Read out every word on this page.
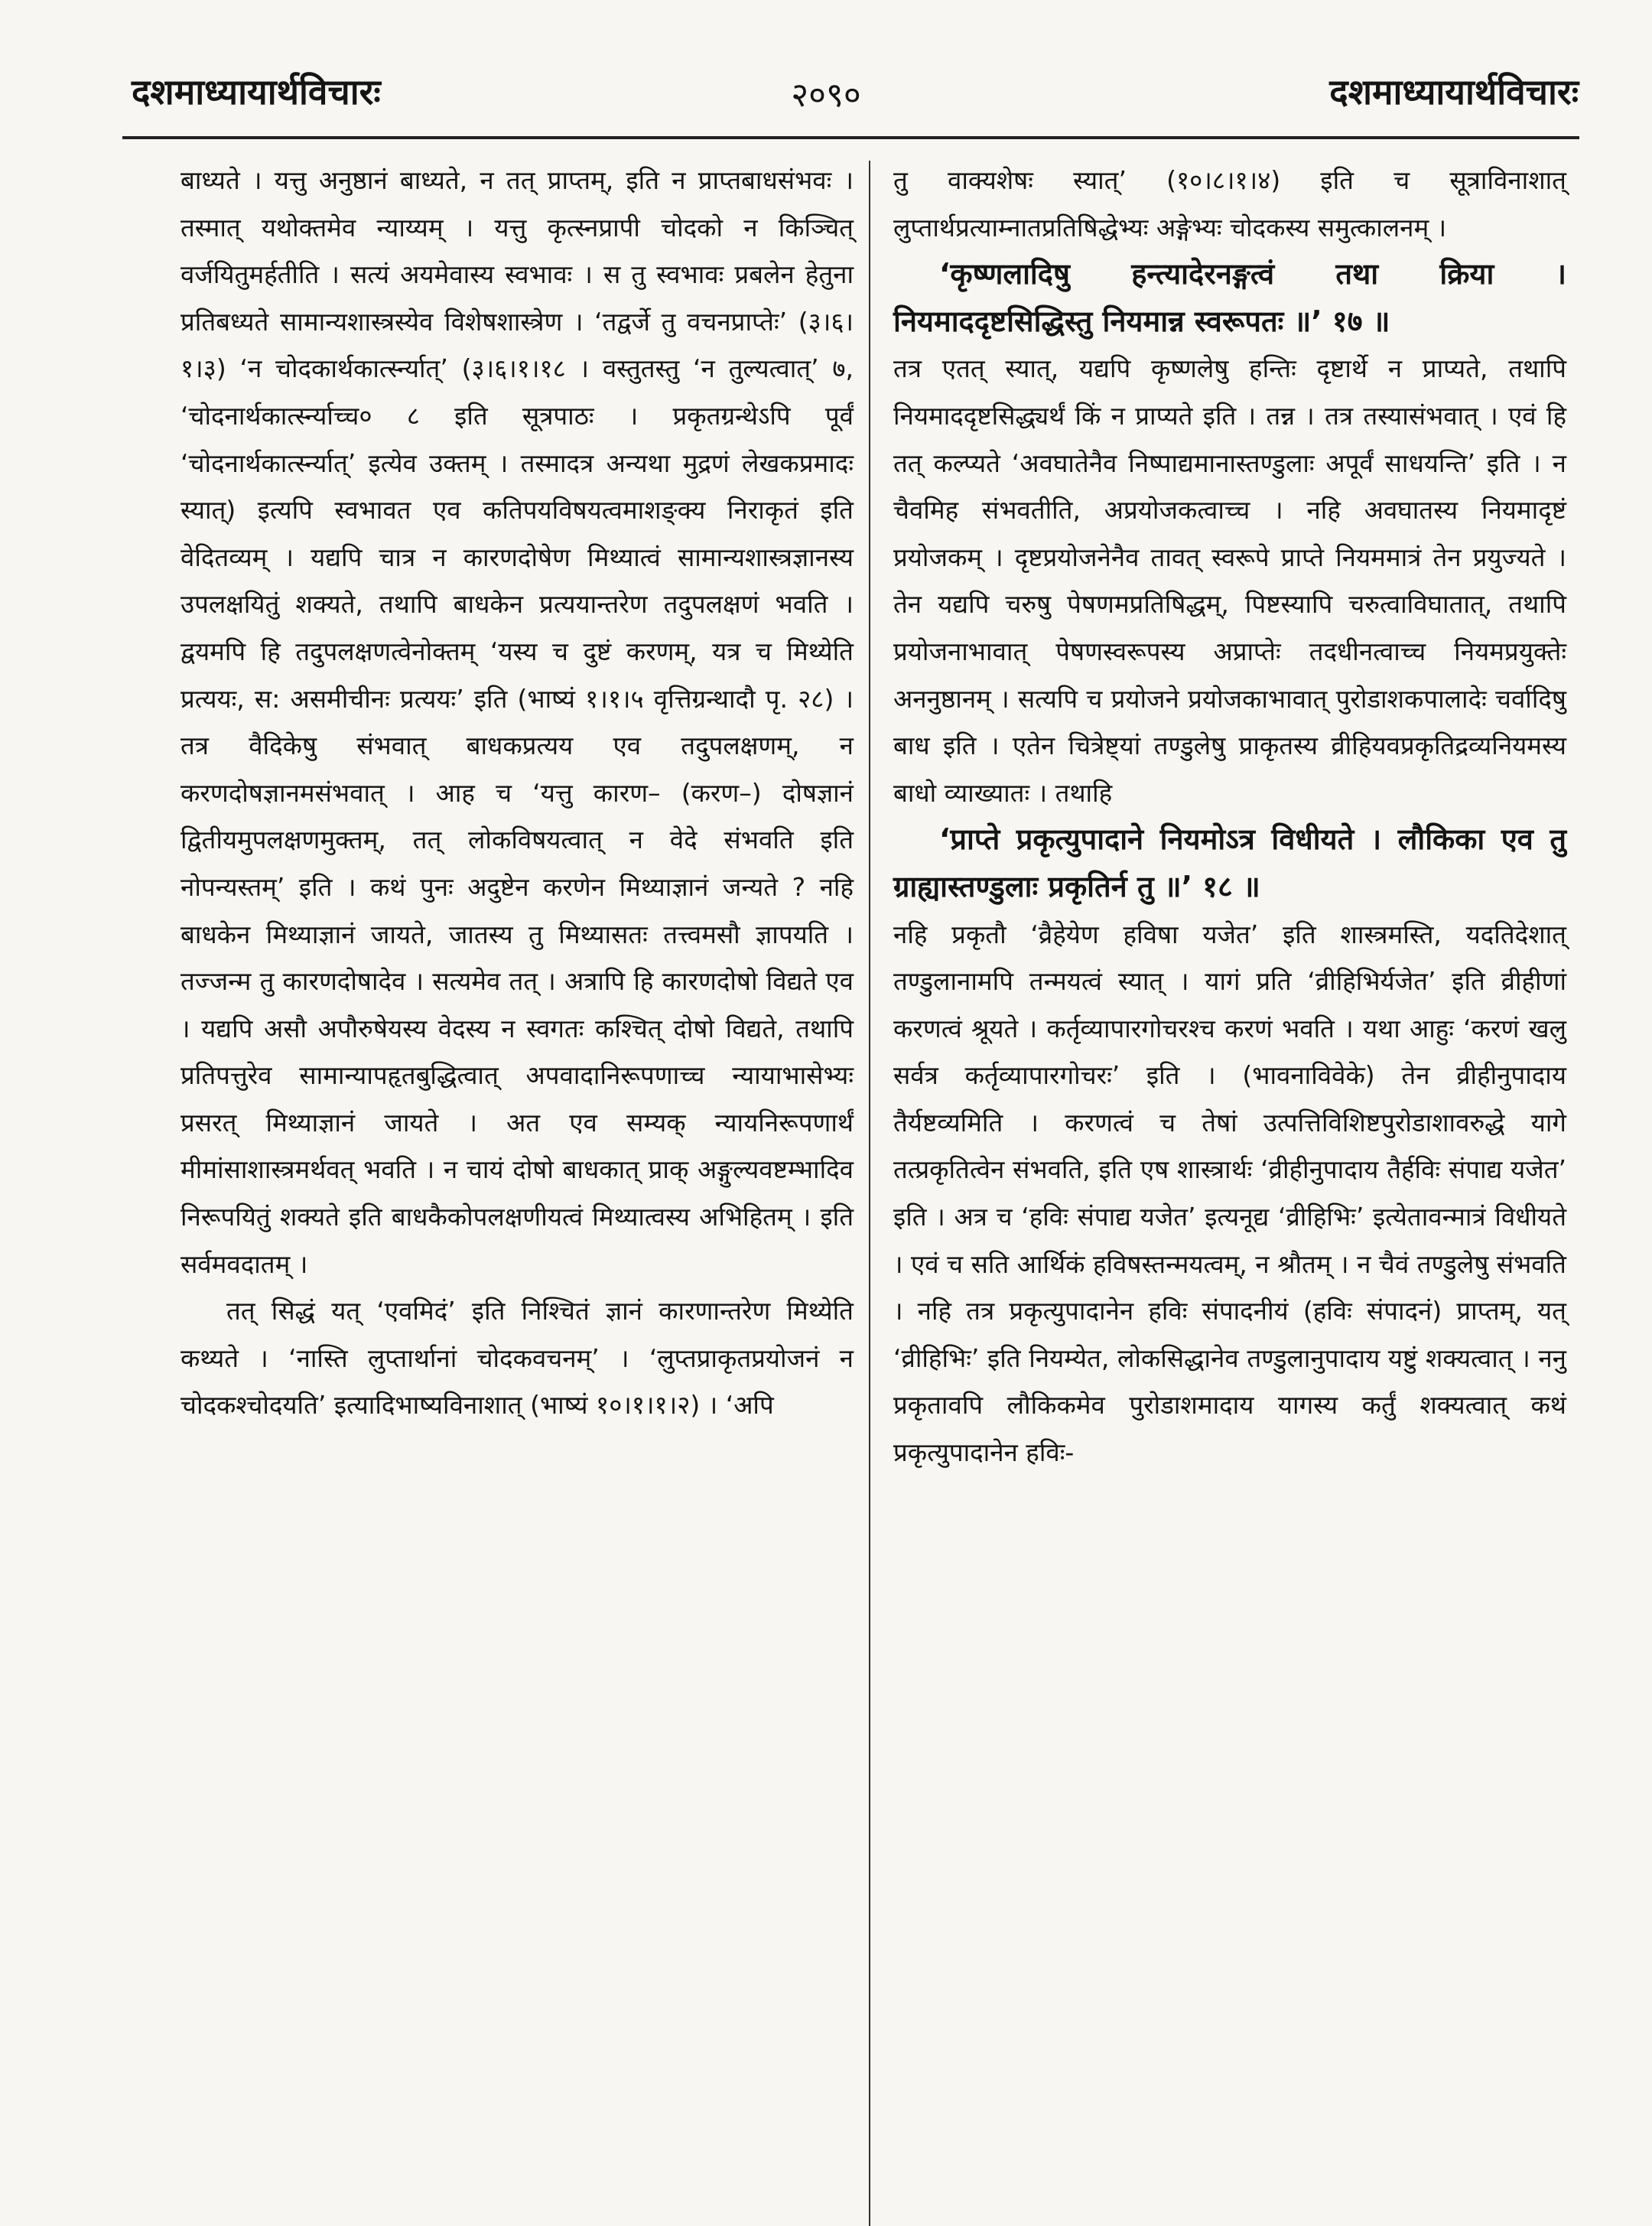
दशमाध्यायार्थविचारः	२०९०	दशमाध्यायार्थविचारः

बाध्यते । यत्तु अनुष्ठानं बाध्यते, न तत् प्राप्तम्, इति न प्राप्तबाधसंभवः । तस्मात् यथोक्तमेव न्याय्यम् । यत्तु कृत्स्नप्रापी चोदको न किञ्चित् वर्जयितुमर्हतीति । सत्यं अयमेवास्य स्वभावः । स तु स्वभावः प्रबलेन हेतुना प्रतिबध्यते सामान्यशास्त्रस्येव विशेषशास्त्रेण । ‘तद्वर्जे तु वचनप्राप्तेः’ (३।६।१।३) ‘न चोदकार्थकार्त्स्न्यात्’ (३।६।१।१८ । वस्तुतस्तु ‘न तुल्यत्वात्’ ७, ‘चोदनार्थकार्त्स्न्याच्च० ८ इति सूत्रपाठः । प्रकृतग्रन्थेऽपि पूर्वं ‘चोदनार्थकार्त्स्न्यात्’ इत्येव उक्तम् । तस्मादत्र अन्यथा मुद्रणं लेखकप्रमादः स्यात्) इत्यपि स्वभावत एव कतिपयविषयत्वमाशङ्क्य निराकृतं इति वेदितव्यम् । यद्यपि चात्र न कारणदोषेण मिथ्यात्वं सामान्यशास्त्रज्ञानस्य उपलक्षयितुं शक्यते, तथापि बाधकेन प्रत्ययान्तरेण तदुपलक्षणं भवति । द्वयमपि हि तदुपलक्षणत्वेनोक्तम् ‘यस्य च दुष्टं करणम्, यत्र च मिथ्येति प्रत्ययः, स: असमीचीनः प्रत्ययः’ इति (भाष्यं १।१।५ वृत्तिग्रन्थादौ पृ. २८) । तत्र वैदिकेषु संभवात् बाधकप्रत्यय एव तदुपलक्षणम्, न करणदोषज्ञानमसंभवात् । आह च ‘यत्तु कारण– (करण–) दोषज्ञानं द्वितीयमुपलक्षणमुक्तम्, तत् लोकविषयत्वात् न वेदे संभवति इति नोपन्यस्तम्’ इति । कथं पुनः अदुष्टेन करणेन मिथ्याज्ञानं जन्यते ? नहि बाधकेन मिथ्याज्ञानं जायते, जातस्य तु मिथ्यासतः तत्त्वमसौ ज्ञापयति । तज्जन्म तु कारणदोषादेव । सत्यमेव तत् । अत्रापि हि कारणदोषो विद्यते एव । यद्यपि असौ अपौरुषेयस्य वेदस्य न स्वगतः कश्चित् दोषो विद्यते, तथापि प्रतिपत्तुरेव सामान्यापहृतबुद्धित्वात् अपवादानिरूपणाच्च न्यायाभासेभ्यः प्रसरत् मिथ्याज्ञानं जायते । अत एव सम्यक् न्यायनिरूपणार्थं मीमांसाशास्त्रमर्थवत् भवति । न चायं दोषो बाधकात् प्राक् अङ्गुल्यवष्टम्भादिव निरूपयितुं शक्यते इति बाधकैकोपलक्षणीयत्वं मिथ्यात्वस्य अभिहितम् । इति सर्वमवदातम् ।

तत् सिद्धं यत् ‘एवमिदं’ इति निश्चितं ज्ञानं कारणान्तरेण मिथ्येति कथ्यते । ‘नास्ति लुप्तार्थानां चोदकवचनम्’ । ‘लुप्तप्राकृतप्रयोजनं न चोदकश्चोदयति’ इत्यादिभाष्यविनाशात् (भाष्यं १०।१।१।२) । ‘अपि

तु वाक्यशेषः स्यात्’ (१०।८।१।४) इति च सूत्राविनाशात् लुप्तार्थप्रत्याम्नातप्रतिषिद्धेभ्यः अङ्गेभ्यः चोदकस्य समुत्कालनम् ।

‘कृष्णलादिषु हन्त्यादेरनङ्गत्वं तथा क्रिया । नियमाददृष्टसिद्धिस्तु नियमान्न स्वरूपतः ॥’ १७ ॥

तत्र एतत् स्यात्, यद्यपि कृष्णलेषु हन्तिः दृष्टार्थे न प्राप्यते, तथापि नियमाददृष्टसिद्ध्यर्थं किं न प्राप्यते इति । तन्न । तत्र तस्यासंभवात् । एवं हि तत् कल्प्यते ‘अवघातेनैव निष्पाद्यमानास्तण्डुलाः अपूर्वं साधयन्ति’ इति । न चैवमिह संभवतीति, अप्रयोजकत्वाच्च । नहि अवघातस्य नियमादृष्टं प्रयोजकम् । दृष्टप्रयोजनेनैव तावत् स्वरूपे प्राप्ते नियममात्रं तेन प्रयुज्यते । तेन यद्यपि चरुषु पेषणमप्रतिषिद्धम्, पिष्टस्यापि चरुत्वाविघातात्, तथापि प्रयोजनाभावात् पेषणस्वरूपस्य अप्राप्तेः तदधीनत्वाच्च नियमप्रयुक्तेः अननुष्ठानम् । सत्यपि च प्रयोजने प्रयोजकाभावात् पुरोडाशकपालादेः चर्वादिषु बाध इति । एतेन चित्रेष्ट्यां तण्डुलेषु प्राकृतस्य व्रीहियवप्रकृतिद्रव्यनियमस्य बाधो व्याख्यातः । तथाहि

‘प्राप्ते प्रकृत्युपादाने नियमोऽत्र विधीयते । लौकिका एव तु ग्राह्यास्तण्डुलाः प्रकृतिर्न तु ॥’ १८ ॥

नहि प्रकृतौ ‘व्रैहेयेण हविषा यजेत’ इति शास्त्रमस्ति, यदतिदेशात् तण्डुलानामपि तन्मयत्वं स्यात् । यागं प्रति ‘व्रीहिभिर्यजेत’ इति व्रीहीणां करणत्वं श्रूयते । कर्तृव्यापारगोचरश्च करणं भवति । यथा आहुः ‘करणं खलु सर्वत्र कर्तृव्यापारगोचरः’ इति । (भावनाविवेके) तेन व्रीहीनुपादाय तैर्यष्टव्यमिति । करणत्वं च तेषां उत्पत्तिविशिष्टपुरोडाशावरुद्धे यागे तत्प्रकृतित्वेन संभवति, इति एष शास्त्रार्थः ‘व्रीहीनुपादाय तैर्हविः संपाद्य यजेत’ इति । अत्र च ‘हविः संपाद्य यजेत’ इत्यनूद्य ‘व्रीहिभिः’ इत्येतावन्मात्रं विधीयते । एवं च सति आर्थिकं हविषस्तन्मयत्वम्, न श्रौतम् । न चैवं तण्डुलेषु संभवति । नहि तत्र प्रकृत्युपादानेन हविः संपादनीयं (हविः संपादनं) प्राप्तम्, यत् ‘व्रीहिभिः’ इति नियम्येत, लोकसिद्धानेव तण्डुलानुपादाय यष्टुं शक्यत्वात् । ननु प्रकृतावपि लौकिकमेव पुरोडाशमादाय यागस्य कर्तुं शक्यत्वात् कथं प्रकृत्युपादानेन हविः-
